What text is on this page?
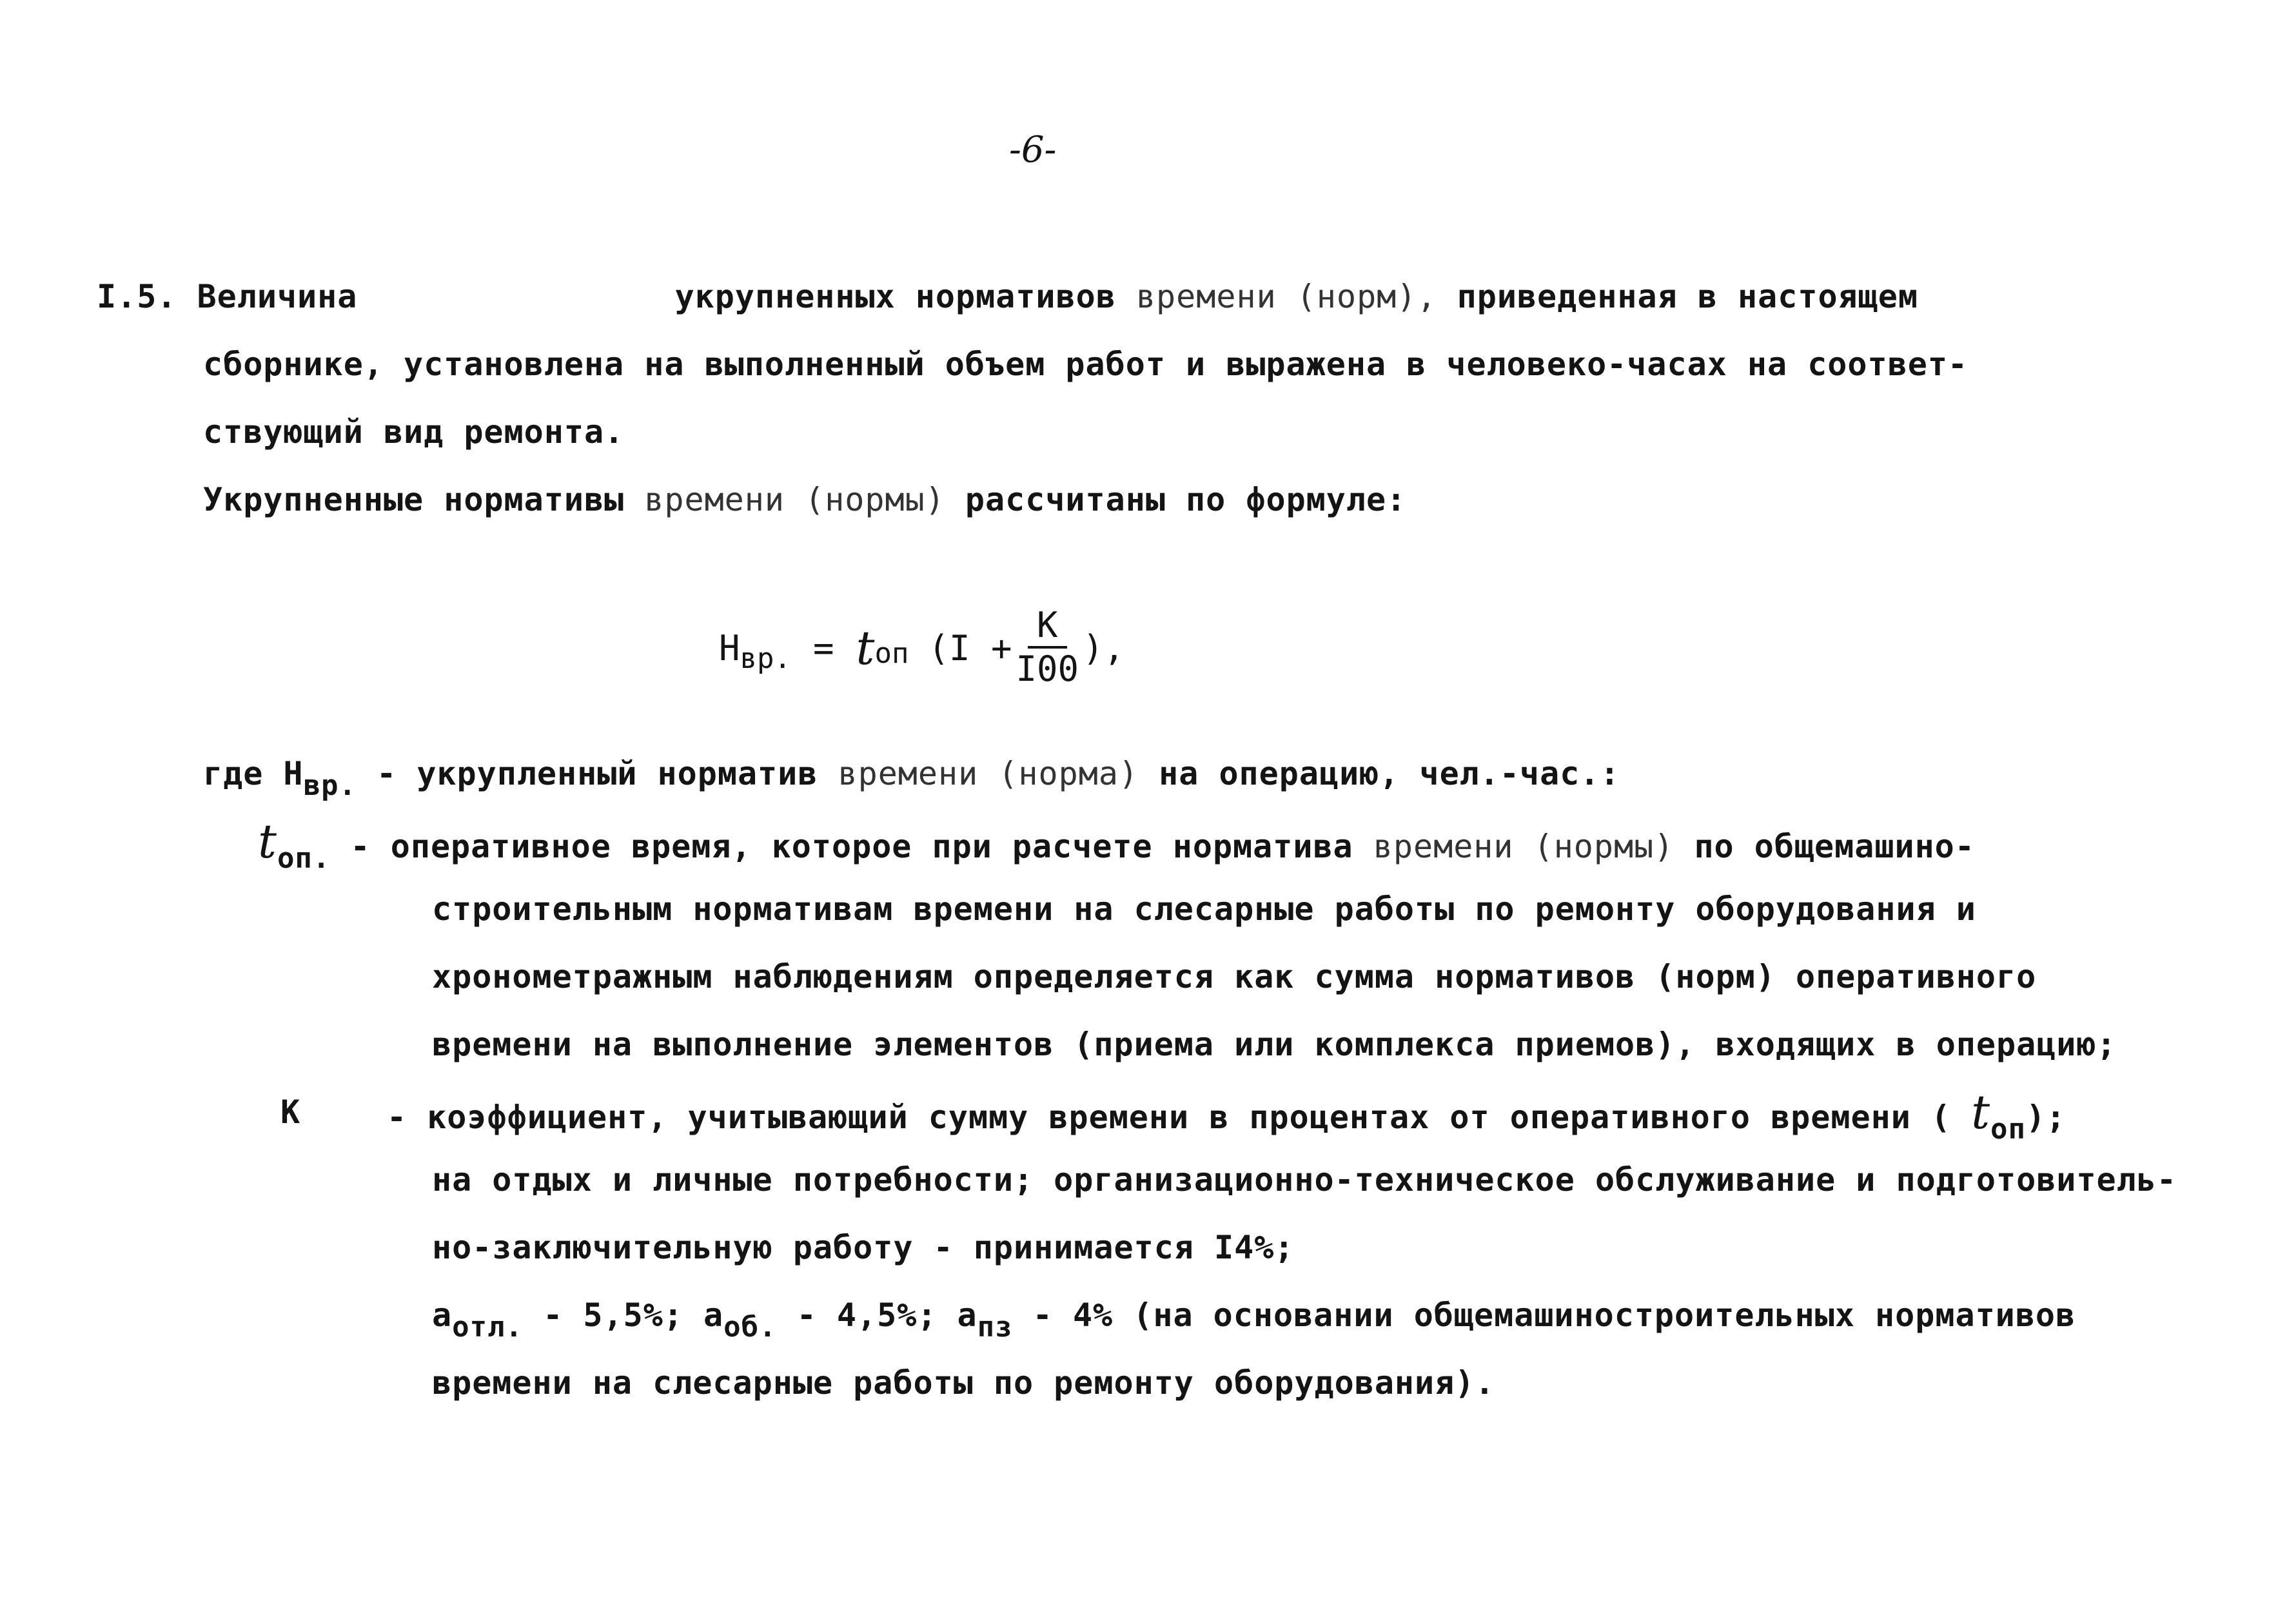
-6-
I.5. Величина	укрупненных нормативов времени (норм), приведенная в настоящем
сборнике, установлена на выполненный объем работ и выражена в человеко-часах на соответ-
ствующий вид ремонта.
Укрупненные нормативы времени (нормы) рассчитаны по формуле:
Н вр. = t оп ($I + \frac{К}{I00}$ ),
где Нвр. - укрупленный норматив времени (норма) на операцию, чел.-час.:
tоп. - оперативное время, которое при расчете норматива времени (нормы) по общемашино-
строительным нормативам времени на слесарные работы по ремонту оборудования и
хронометражным наблюдениям определяется как сумма нормативов (норм) оперативного
времени на выполнение элементов (приема или комплекса приемов), входящих в операцию;
К	- коэффициент, учитывающий сумму времени в процентах от оперативного времени ( tоп);
на отдых и личные потребности; организационно-техническое обслуживание и подготовитель-
но-заключительную работу - принимается I4%;
аотл. - 5,5%; аоб. - 4,5%; апз - 4% (на основании общемашиностроительных нормативов
времени на слесарные работы по ремонту оборудования).
